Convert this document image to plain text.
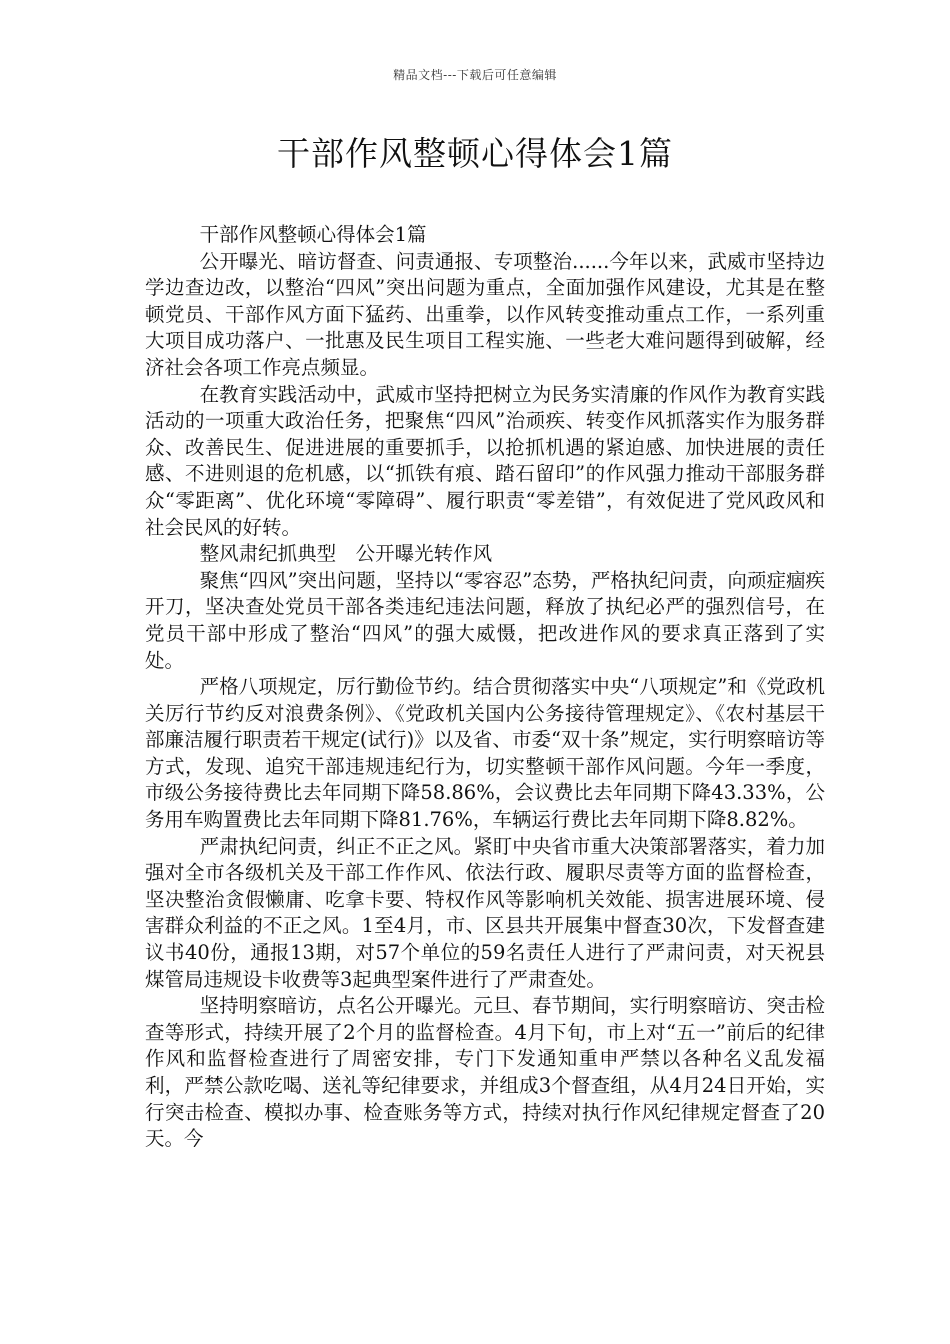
精品文档---下载后可任意编辑
干部作风整顿心得体会1篇

干部作风整顿心得体会1篇

公开曝光、暗访督查、问责通报、专项整治......今年以来，武威市坚持边学边查边改，以整治“四风”突出问题为重点，全面加强作风建设，尤其是在整顿党员、干部作风方面下猛药、出重拳，以作风转变推动重点工作，一系列重大项目成功落户、一批惠及民生项目工程实施、一些老大难问题得到破解，经济社会各项工作亮点频显。

在教育实践活动中，武威市坚持把树立为民务实清廉的作风作为教育实践活动的一项重大政治任务，把聚焦“四风”治顽疾、转变作风抓落实作为服务群众、改善民生、促进进展的重要抓手，以抢抓机遇的紧迫感、加快进展的责任感、不进则退的危机感，以“抓铁有痕、踏石留印”的作风强力推动干部服务群众“零距离”、优化环境“零障碍”、履行职责“零差错”，有效促进了党风政风和社会民风的好转。

整风肃纪抓典型　公开曝光转作风

聚焦“四风”突出问题，坚持以“零容忍”态势，严格执纪问责，向顽症痼疾开刀，坚决查处党员干部各类违纪违法问题，释放了执纪必严的强烈信号，在党员干部中形成了整治“四风”的强大威慑，把改进作风的要求真正落到了实处。

严格八项规定，厉行勤俭节约。结合贯彻落实中央“八项规定”和《党政机关厉行节约反对浪费条例》、《党政机关国内公务接待管理规定》、《农村基层干部廉洁履行职责若干规定(试行)》以及省、市委“双十条”规定，实行明察暗访等方式，发现、追究干部违规违纪行为，切实整顿干部作风问题。今年一季度，市级公务接待费比去年同期下降58.86%，会议费比去年同期下降43.33%，公务用车购置费比去年同期下降81.76%，车辆运行费比去年同期下降8.82%。

严肃执纪问责，纠正不正之风。紧盯中央省市重大决策部署落实，着力加强对全市各级机关及干部工作作风、依法行政、履职尽责等方面的监督检查，坚决整治贪假懒庸、吃拿卡要、特权作风等影响机关效能、损害进展环境、侵害群众利益的不正之风。1至4月，市、区县共开展集中督查30次，下发督查建议书40份，通报13期，对57个单位的59名责任人进行了严肃问责，对天祝县煤管局违规设卡收费等3起典型案件进行了严肃查处。

坚持明察暗访，点名公开曝光。元旦、春节期间，实行明察暗访、突击检查等形式，持续开展了2个月的监督检查。4月下旬，市上对“五一”前后的纪律作风和监督检查进行了周密安排，专门下发通知重申严禁以各种名义乱发福利，严禁公款吃喝、送礼等纪律要求，并组成3个督查组，从4月24日开始，实行突击检查、模拟办事、检查账务等方式，持续对执行作风纪律规定督查了20天。今
